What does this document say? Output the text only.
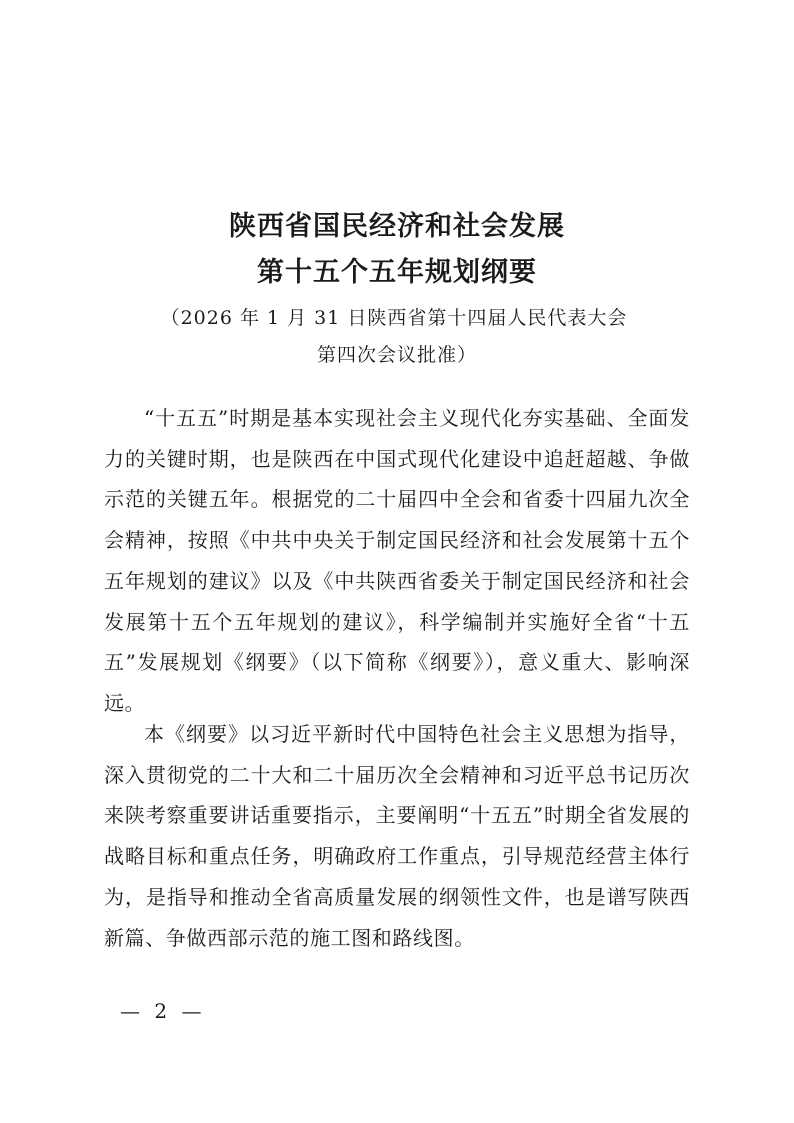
陕西省国民经济和社会发展
第十五个五年规划纲要
（2026 年 1 月 31 日陕西省第十四届人民代表大会
第四次会议批准）

“十五五”时期是基本实现社会主义现代化夯实基础、全面发力的关键时期，也是陕西在中国式现代化建设中追赶超越、争做示范的关键五年。根据党的二十届四中全会和省委十四届九次全会精神，按照《中共中央关于制定国民经济和社会发展第十五个五年规划的建议》以及《中共陕西省委关于制定国民经济和社会发展第十五个五年规划的建议》，科学编制并实施好全省“十五五”发展规划《纲要》（以下简称《纲要》），意义重大、影响深远。

本《纲要》以习近平新时代中国特色社会主义思想为指导，深入贯彻党的二十大和二十届历次全会精神和习近平总书记历次来陕考察重要讲话重要指示，主要阐明“十五五”时期全省发展的战略目标和重点任务，明确政府工作重点，引导规范经营主体行为，是指导和推动全省高质量发展的纲领性文件，也是谱写陕西新篇、争做西部示范的施工图和路线图。

— 2 —
